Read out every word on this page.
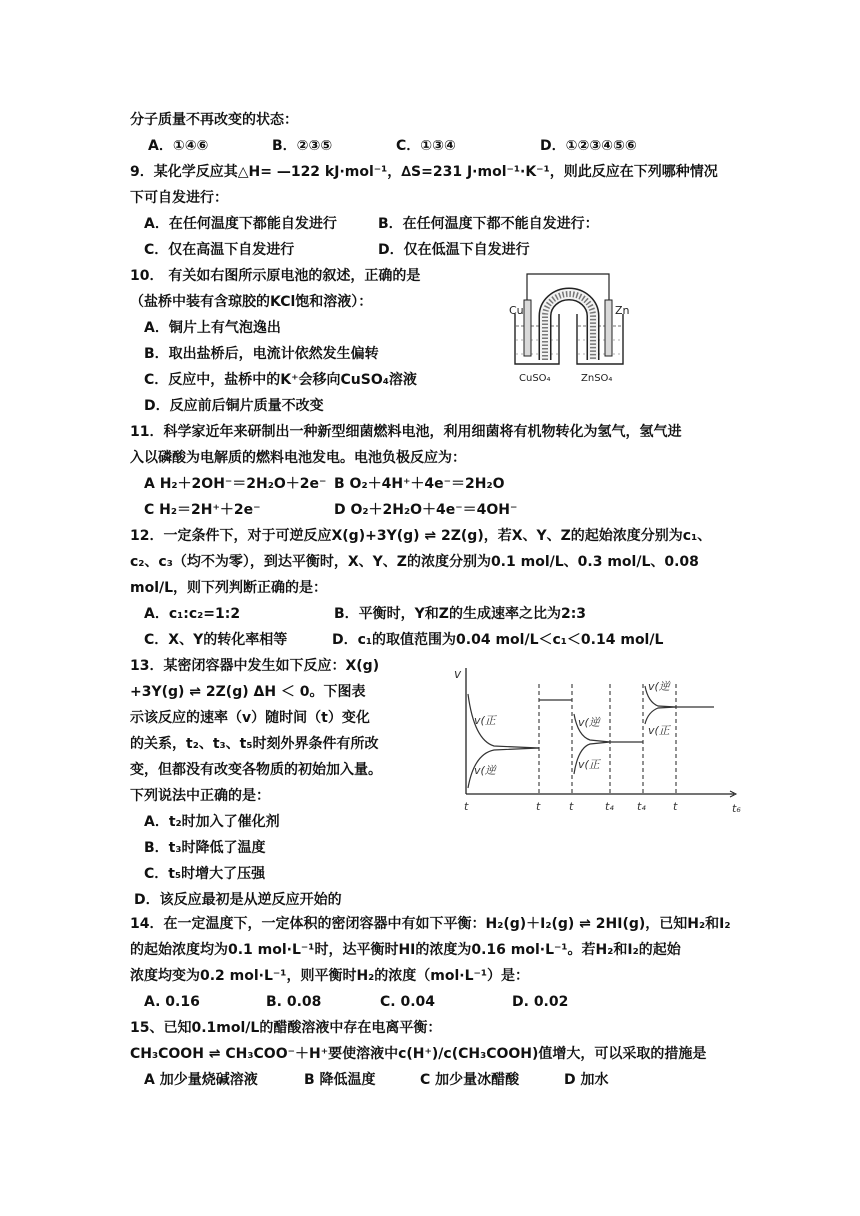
分子质量不再改变的状态：
A．①④⑥	B．②③⑤	C．①③④	D．①②③④⑤⑥
9．某化学反应其△H= —122 kJ·mol⁻¹，∆S=231 J·mol⁻¹·K⁻¹，则此反应在下列哪种情况
下可自发进行：
A．在任何温度下都能自发进行	B．在任何温度下都不能自发进行：
C．仅在高温下自发进行	D．仅在低温下自发进行
10． 有关如右图所示原电池的叙述，正确的是
（盐桥中装有含琼胶的KCl饱和溶液）：
A．铜片上有气泡逸出
B．取出盐桥后，电流计依然发生偏转
C．反应中，盐桥中的K⁺会移向CuSO₄溶液
D．反应前后铜片质量不改变
Cu	Zn
CuSO₄	ZnSO₄
11．科学家近年来研制出一种新型细菌燃料电池，利用细菌将有机物转化为氢气，氢气进
入以磷酸为电解质的燃料电池发电。电池负极反应为：
A H₂＋2OH⁻＝2H₂O＋2e⁻ B O₂＋4H⁺＋4e⁻＝2H₂O
C H₂＝2H⁺＋2e⁻	D O₂＋2H₂O＋4e⁻＝4OH⁻
12．一定条件下，对于可逆反应X(g)+3Y(g) ⇌ 2Z(g)，若X、Y、Z的起始浓度分别为c₁、
c₂、c₃（均不为零），到达平衡时，X、Y、Z的浓度分别为0.1 mol/L、0.3 mol/L、0.08
mol/L，则下列判断正确的是：
A．c₁:c₂=1:2	B．平衡时，Y和Z的生成速率之比为2:3
C．X、Y的转化率相等	D．c₁的取值范围为0.04 mol/L＜c₁＜0.14 mol/L
13．某密闭容器中发生如下反应：X(g)
+3Y(g) ⇌ 2Z(g) ΔH ＜ 0。下图表
示该反应的速率（v）随时间（t）变化
的关系，t₂、t₃、t₅时刻外界条件有所改
变，但都没有改变各物质的初始加入量。
下列说法中正确的是：
A．t₂时加入了催化剂
B．t₃时降低了温度
C．t₅时增大了压强
D．该反应最初是从逆反应开始的
v
v(正
v(逆
v(逆
v(正
v(逆
v(正
t	t	t	t₄ t₄ t	t₆
14．在一定温度下，一定体积的密闭容器中有如下平衡：H₂(g)＋I₂(g) ⇌ 2HI(g)，已知H₂和I₂
的起始浓度均为0.1 mol·L⁻¹时，达平衡时HI的浓度为0.16 mol·L⁻¹。若H₂和I₂的起始
浓度均变为0.2 mol·L⁻¹，则平衡时H₂的浓度（mol·L⁻¹）是：
A. 0.16	B. 0.08	C. 0.04	D. 0.02
15、已知0.1mol/L的醋酸溶液中存在电离平衡：
CH₃COOH ⇌ CH₃COO⁻＋H⁺要使溶液中c(H⁺)/c(CH₃COOH)值增大，可以采取的措施是
A 加少量烧碱溶液	B 降低温度	C 加少量冰醋酸	D 加水
